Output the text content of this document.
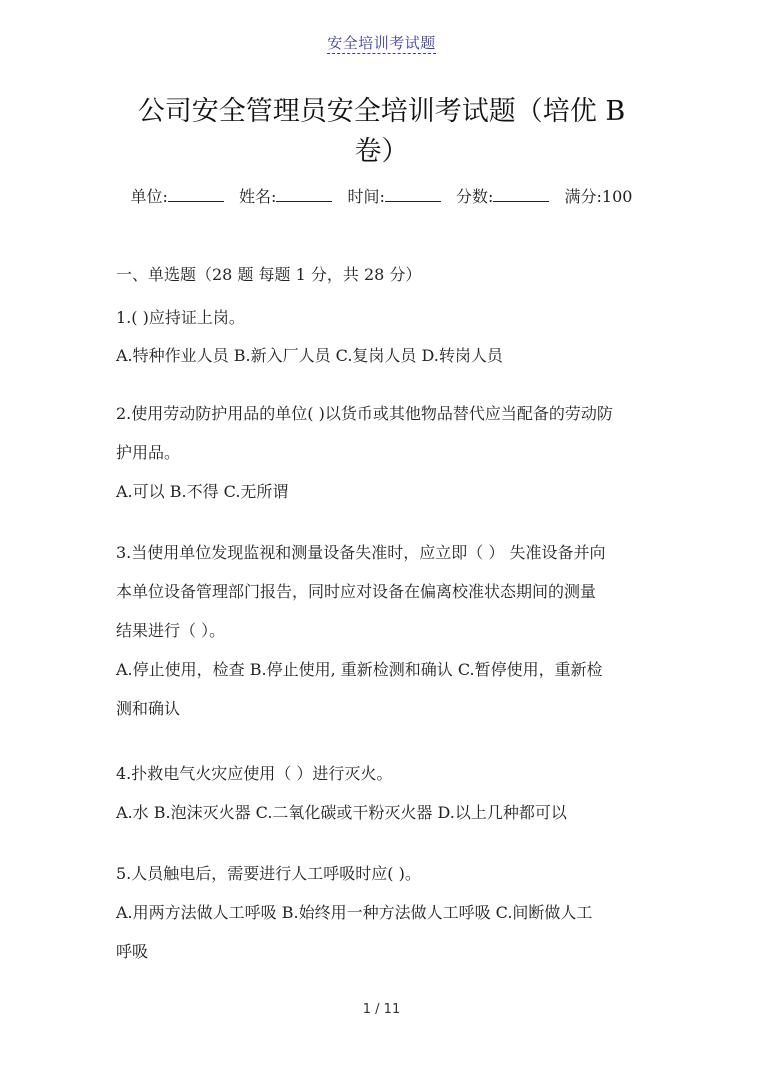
安全培训考试题
公司安全管理员安全培训考试题（培优 B
卷）
单位:	姓名:	时间:	分数:	满分:100
一、单选题（28 题 每题 1 分，共 28 分）
1.( )应持证上岗。
A.特种作业人员 B.新入厂人员 C.复岗人员 D.转岗人员
2.使用劳动防护用品的单位( )以货币或其他物品替代应当配备的劳动防
护用品。
A.可以 B.不得 C.无所谓
3.当使用单位发现监视和测量设备失准时，应立即（ ） 失准设备并向
本单位设备管理部门报告，同时应对设备在偏离校准状态期间的测量
结果进行（ ）。
A.停止使用，检查 B.停止使用, 重新检测和确认 C.暂停使用，重新检
测和确认
4.扑救电气火灾应使用（ ）进行灭火。
A.水 B.泡沫灭火器 C.二氧化碳或干粉灭火器 D.以上几种都可以
5.人员触电后，需要进行人工呼吸时应( )。
A.用两方法做人工呼吸 B.始终用一种方法做人工呼吸 C.间断做人工
呼吸
1 / 11
